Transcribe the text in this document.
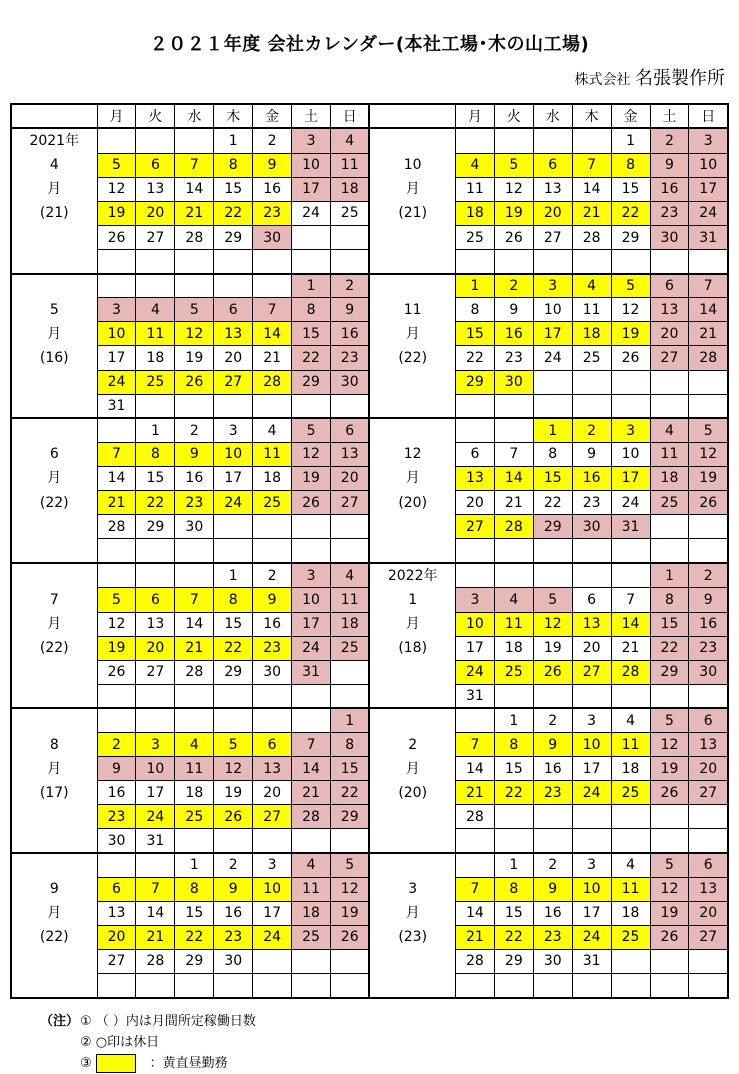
２０２１年度 会社カレンダー(本社工場･木の山工場)
株式会社 名張製作所
	月	火	水	木	金	土	日		月	火	水	木	金	土	日
2021年				1	2	3	4						1	2	3
4	5	6	7	8	9	10	11	10	4	5	6	7	8	9	10
月	12	13	14	15	16	17	18	月	11	12	13	14	15	16	17
(21)	19	20	21	22	23	24	25	(21)	18	19	20	21	22	23	24
	26	27	28	29	30				25	26	27	28	29	30	31

						1	2		1	2	3	4	5	6	7
5	3	4	5	6	7	8	9	11	8	9	10	11	12	13	14
月	10	11	12	13	14	15	16	月	15	16	17	18	19	20	21
(16)	17	18	19	20	21	22	23	(22)	22	23	24	25	26	27	28
	24	25	26	27	28	29	30		29	30					
	31														
		1	2	3	4	5	6				1	2	3	4	5
6	7	8	9	10	11	12	13	12	6	7	8	9	10	11	12
月	14	15	16	17	18	19	20	月	13	14	15	16	17	18	19
(22)	21	22	23	24	25	26	27	(20)	20	21	22	23	24	25	26
	28	29	30						27	28	29	30	31		

				1	2	3	4	2022年						1	2
7	5	6	7	8	9	10	11	1	3	4	5	6	7	8	9
月	12	13	14	15	16	17	18	月	10	11	12	13	14	15	16
(22)	19	20	21	22	23	24	25	(18)	17	18	19	20	21	22	23
	26	27	28	29	30	31			24	25	26	27	28	29	30
									31						
							1			1	2	3	4	5	6
8	2	3	4	5	6	7	8	2	7	8	9	10	11	12	13
月	9	10	11	12	13	14	15	月	14	15	16	17	18	19	20
(17)	16	17	18	19	20	21	22	(20)	21	22	23	24	25	26	27
	23	24	25	26	27	28	29		28						
	30	31													
			1	2	3	4	5			1	2	3	4	5	6
9	6	7	8	9	10	11	12	3	7	8	9	10	11	12	13
月	13	14	15	16	17	18	19	月	14	15	16	17	18	19	20
(22)	20	21	22	23	24	25	26	(23)	21	22	23	24	25	26	27
	27	28	29	30					28	29	30	31			

（注） ①
（ ）内は月間所定稼働日数
②
○印は休日
③	：黄直昼勤務
